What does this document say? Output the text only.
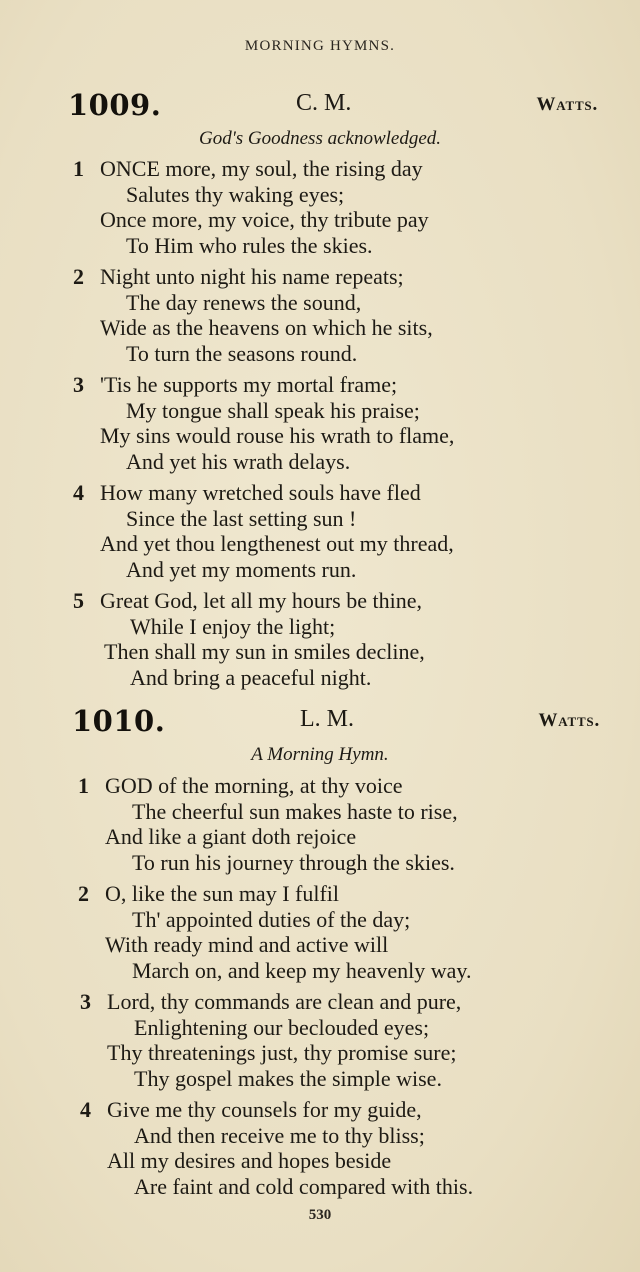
MORNING HYMNS.
1009.	C. M.	Watts.
God's Goodness acknowledged.
1 ONCE more, my soul, the rising day
Salutes thy waking eyes;
Once more, my voice, thy tribute pay
To Him who rules the skies.
2 Night unto night his name repeats;
The day renews the sound,
Wide as the heavens on which he sits,
To turn the seasons round.
3 'Tis he supports my mortal frame;
My tongue shall speak his praise;
My sins would rouse his wrath to flame,
And yet his wrath delays.
4 How many wretched souls have fled
Since the last setting sun !
And yet thou lengthenest out my thread,
And yet my moments run.
5 Great God, let all my hours be thine,
While I enjoy the light;
Then shall my sun in smiles decline,
And bring a peaceful night.
1010.	L. M.	Watts.
A Morning Hymn.
1 GOD of the morning, at thy voice
The cheerful sun makes haste to rise,
And like a giant doth rejoice
To run his journey through the skies.
2 O, like the sun may I fulfil
Th' appointed duties of the day;
With ready mind and active will
March on, and keep my heavenly way.
3 Lord, thy commands are clean and pure,
Enlightening our beclouded eyes;
Thy threatenings just, thy promise sure;
Thy gospel makes the simple wise.
4 Give me thy counsels for my guide,
And then receive me to thy bliss;
All my desires and hopes beside
Are faint and cold compared with this.
530
